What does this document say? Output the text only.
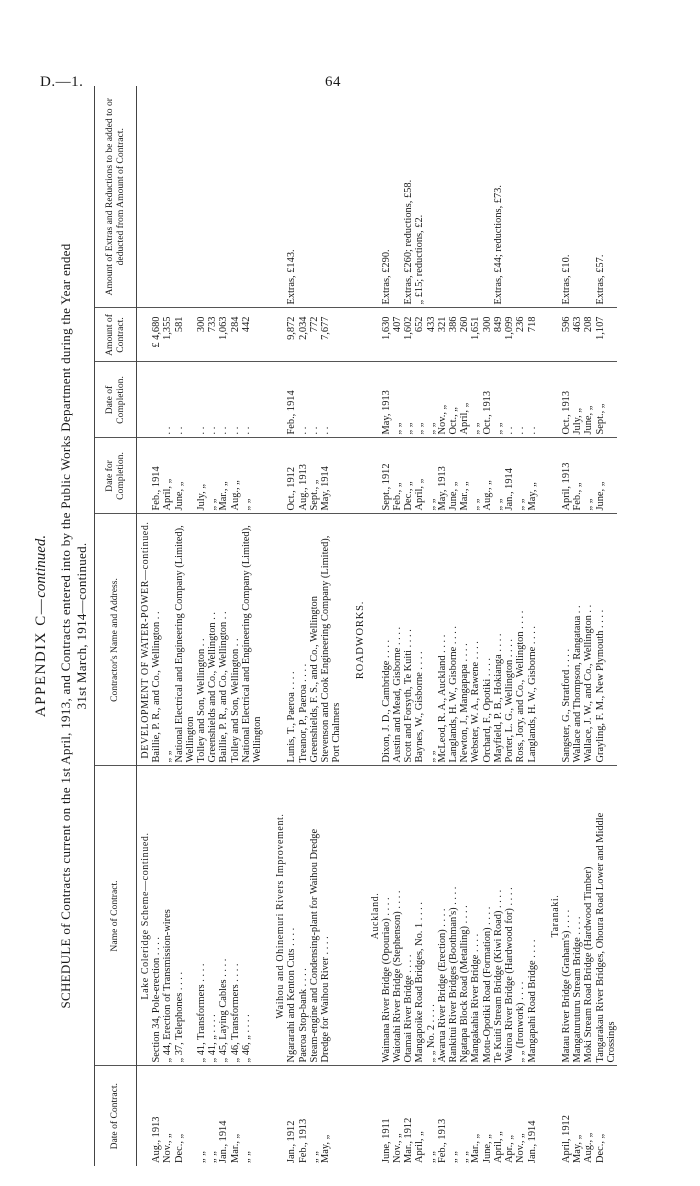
D.—1.	64
APPENDIX C—continued. SCHEDULE of Contracts current on the 1st April, 1913, and Contracts entered into by the Public Works Department during the Year ended 31st March, 1914—continued.
Date of Contract.	Name of Contract.	Contractor's Name and Address.	Date for Completion.	Date of Completion.	Amount of Contract.	Amount of Extras and Reductions to be added to or deducted from Amount of Contract.
	Lake Coleridge Scheme—continued.	DEVELOPMENT OF WATER-POWER—continued.				
Aug., 1913	Section 34, Pole-erection . . . .	Baillie, P. R., and Co., Wellington . .	Feb., 1914		£ 4,680	
Nov., „	„ 44, Erection of Transmission-wires	„ „	April, „	. .	1,355	
Dec., „	„ 37, Telephones . . . .	National Electrical and Engineering Company (Limited), Wellington	June, „	. .	581	
„ „	„ 41, Transformers . . . .	Tolley and Son, Wellington . .	July, „	. .	300	
„ „	„ 41, „ . . . .	Greenshields and Co., Wellington . .	„ „	. .	733	
Jan., 1914	„ 45, Laying Cables . . . .	Baillie, P. R., and Co., Wellington . .	Mar., „	. .	1,063	
Mar., „	„ 46, Transformers . . . .	Tolley and Son, Wellington . .	Aug., „	. .	284	
„ „	„ 46, „ . . . .	National Electrical and Engineering Company (Limited), Wellington	„ „	. .	442	

	Waihou and Ohinemuri Rivers Improvement.					
Jan., 1912	Ngararahi and Kenton Cuts . . . .	Lunis, T., Paeroa . . . .	Oct., 1912	Feb., 1914	9,872	Extras, £143.
Feb., 1913	Paeroa Stop-bank . . . .	Treanor, P., Paeroa . . . .	Aug., 1913	. .	2,034	
„ „	Steam-engine and Condensing-plant for Waihou Dredge	Greenshields, F. S., and Co., Wellington	Sept., „	. .	772	
May, „	Dredge for Waihou River . . . .	Stevenson and Cook Engineering Company (Limited), Port Chalmers	May, 1914	. .	7,677	

		ROADWORKS.				
	Auckland.					
June, 1911	Waimana River Bridge (Opouriao) . . . .	Dixon, J. D., Cambridge . . . .	Sept., 1912	May, 1913	1,630	Extras, £290.
Nov., „	Waiotahi River Bridge (Stephenson) . . . .	Austin and Mead, Gisborne . . . .	Feb., „	„ „	407	
Mar., 1912	Otamai River Bridge . . . .	Scott and Forsyth, Te Kuiti . . . .	Dec., „	„ „	1,602	Extras, £260; reductions, £58.
April, „	Mangapoike Road Bridges, No. 1 . . . .	Baynes, W., Gisborne . . . .	April, „	„ „	652	„ £15; reductions, £2.
„ „	„ „ No. 2 . . . .	„ „	„ „	„ „	433	
Feb., 1913	Awarua River Bridge (Erection) . . . .	McLeod, R. A., Auckland . . . .	May, 1913	Nov., „	321	
„ „	Rankitui River Bridges (Boothman's) . . . .	Langlands, H. W., Gisborne . . . .	June, „	Oct., „	386	
„ „	Ngatapa Block Road (Metalling) . . . .	Newton, J., Mangapapa . . . .	Mar., „	April, „	260	
Mar., „	Mangakahia River Bridge . . . .	Webster, W. A., Rawene . . . .	„ „	„ „	1,651	
June, „	Motu-Opotiki Road (Formation) . . . .	Orchard, F., Opotiki . . . .	Aug., „	Oct., 1913	300	
April, „	Te Kuiti Stream Bridge (Kiwi Road) . . . .	Mayfield, P. B., Hokianga . . . .	„ „	„ „	849	Extras, £44; reductions, £73.
Apr., „	Wairoa River Bridge (Hardwood for) . . . .	Porter, L. G., Wellington . . . .	Jan., 1914	. .	1,099	
Nov., „	„ „ (Ironwork) . . . .	Ross, Jory, and Co., Wellington . . . .	„ „	. .	236	
Jan., 1914	Mangapahi Road Bridge . . . .	Langlands, H. W., Gisborne . . . .	May, „	. .	718	

	Taranaki.					
April, 1912	Matau River Bridge (Graham's) . . . .	Sangster, G., Stratford . . . .	April, 1913	Oct., 1913	596	Extras, £10.
May, „	Mangaturuturu Stream Bridge . . . .	Wallace and Thompson, Rangataua . .	Feb., „	July, „	463	
Aug., „	Moki Stream Road Bridge (Hardwood Timber)	Wallace, J. W., and Co., Wellington . .	„ „	June, „	208	
Dec., „	Tangarakau River Bridges, Ohoura Road Lower and Middle Crossings	Grayling, F. M., New Plymouth . . . .	June, „	Sept., „	1,107	Extras, £57.
